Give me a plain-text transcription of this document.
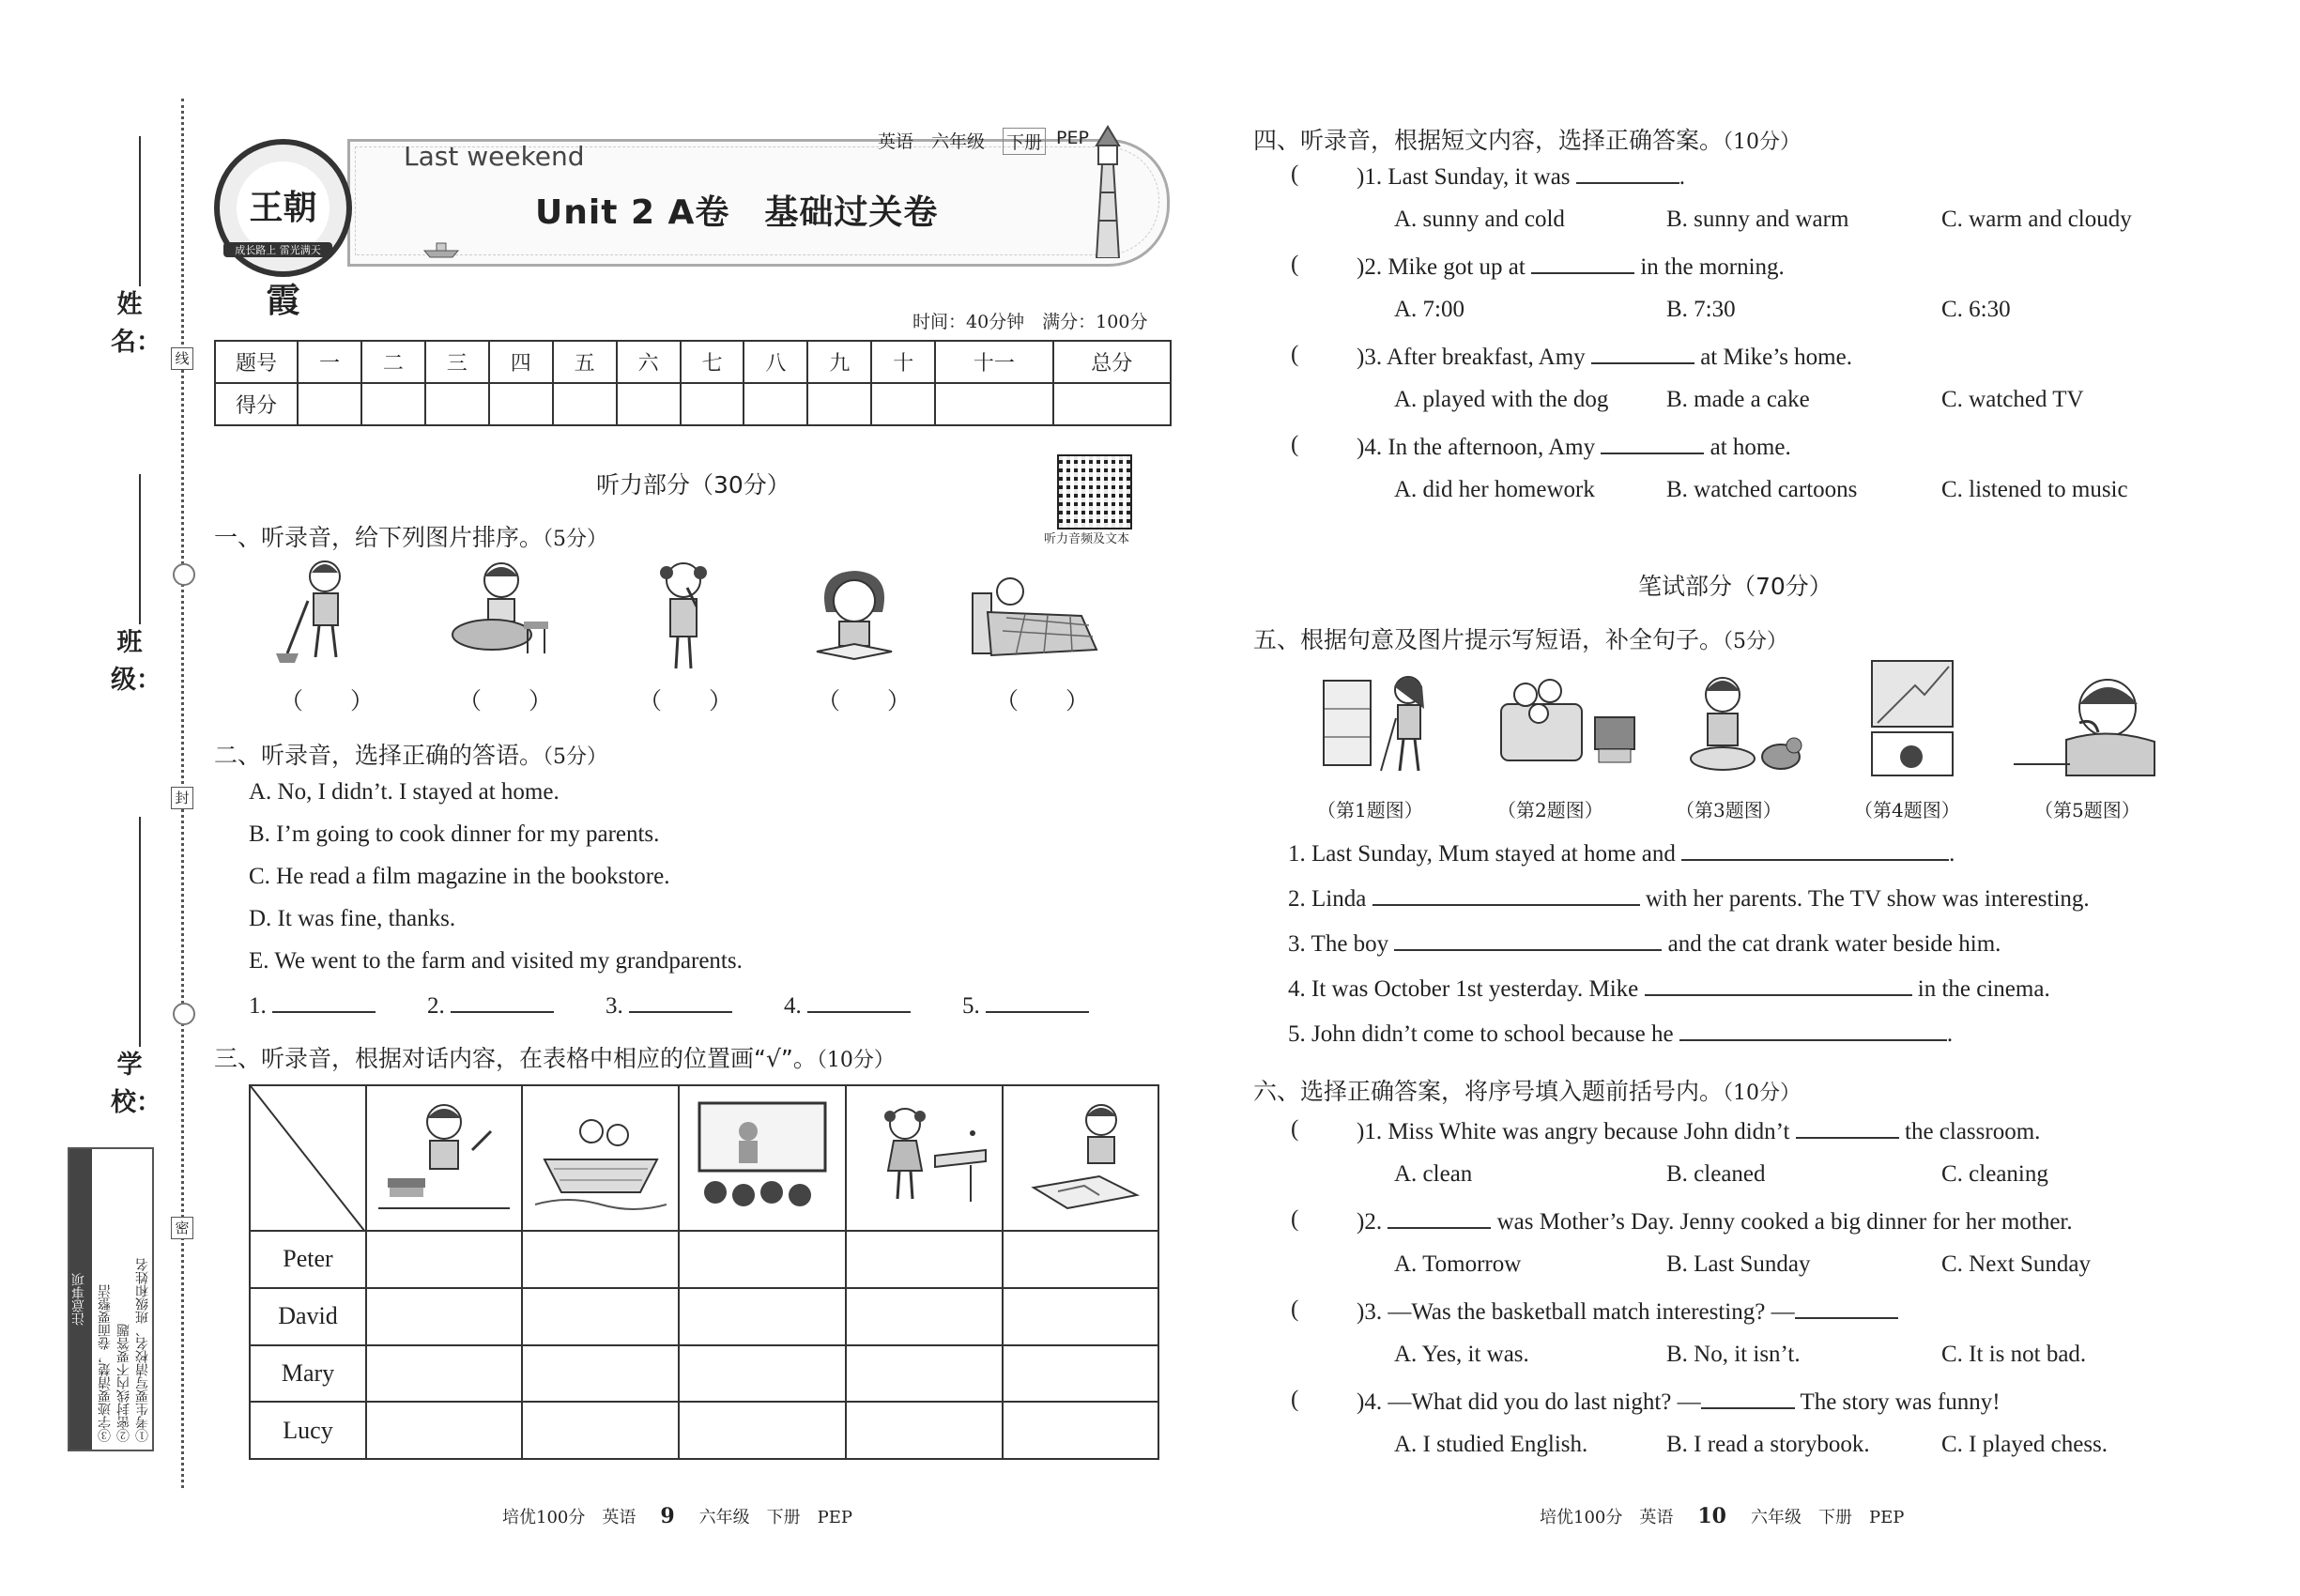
姓 名：
班 级：
学 校：
线
封
密
注意事项 ③字迹要清楚，卷面要整洁 ②密封线内不要答题 ①考生要写清校名、班级和姓名
王朝霞
成长路上 雷光满天
英语 六年级 下册 PEP
Last weekend
Unit 2 A卷　基础过关卷
时间：40分钟　满分：100分
题号	一	二	三	四	五	六	七	八	九	十	十一	总分
得分												
听力部分（30分）
听力音频及文本
一、听录音，给下列图片排序。（5分）
（　　）	（　　）	（　　）	（　　）	（　　）
二、听录音，选择正确的答语。（5分）
A. No, I didn’t. I stayed at home.
B. I’m going to cook dinner for my parents.
C. He read a film magazine in the bookstore.
D. It was fine, thanks.
E. We went to the farm and visited my grandparents.
1.	2.	3.	4.	5.
三、听录音，根据对话内容，在表格中相应的位置画“√”。（10分）

Peter					
David					
Mary					
Lucy					
培优100分　 英语　 9　 六年级　 下册　 PEP
四、听录音，根据短文内容，选择正确答案。（10分）
( )1. Last Sunday, it was	.
A. sunny and cold	B. sunny and warm	C. warm and cloudy
( )2. Mike got up at	in the morning.
A. 7:00	B. 7:30	C. 6:30
( )3. After breakfast, Amy	at Mike’s home.
A. played with the dog B. made a cake	C. watched TV
( )4. In the afternoon, Amy	at home.
A. did her homework	B. watched cartoons	C. listened to music
笔试部分（70分）
五、根据句意及图片提示写短语，补全句子。（5分）
（第1题图）	（第2题图）	（第3题图）	（第4题图）	（第5题图）
1. Last Sunday, Mum stayed at home and	.
2. Linda	with her parents. The TV show was interesting.
3. The boy	and the cat drank water beside him.
4. It was October 1st yesterday. Mike	in the cinema.
5. John didn’t come to school because he	.
六、选择正确答案，将序号填入题前括号内。（10分）
( )1. Miss White was angry because John didn’t	the classroom.
A. clean	B. cleaned	C. cleaning
( )2.	was Mother’s Day. Jenny cooked a big dinner for her mother.
A. Tomorrow	B. Last Sunday	C. Next Sunday
( )3. —Was the basketball match interesting? —
A. Yes, it was.	B. No, it isn’t.	C. It is not bad.
( )4. —What did you do last night? —	The story was funny!
A. I studied English.	B. I read a storybook.	C. I played chess.
培优100分　 英语　 10　 六年级　 下册　 PEP
